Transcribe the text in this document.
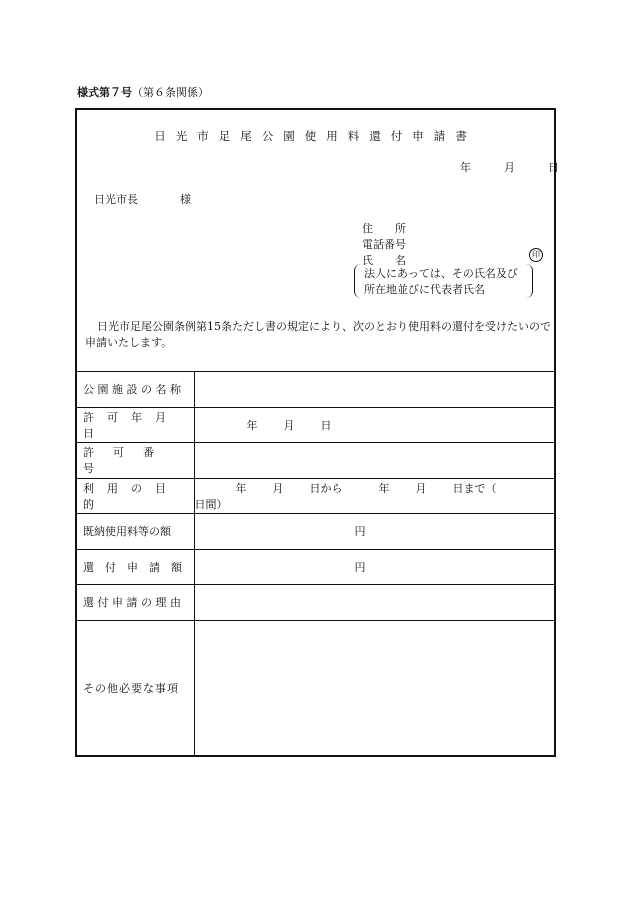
様式第７号（第６条関係）
日光市足尾公園使用料還付申請書
年	月	日
日光市長	様
住　　所
電話番号
氏　　名	印
法人にあっては、その氏名及び
所在地並びに代表者氏名
日光市足尾公園条例第15条ただし書の規定により、次のとおり使用料の還付を受けたいので申請いたします。
公園施設の名称	
許可年月日	年 月 日
許可番号	
利用の目的	年 月 日から 年 月 日まで（日間）
既納使用料等の額	円
還付申請額	円
還付申請の理由	
その他必要な事項	
